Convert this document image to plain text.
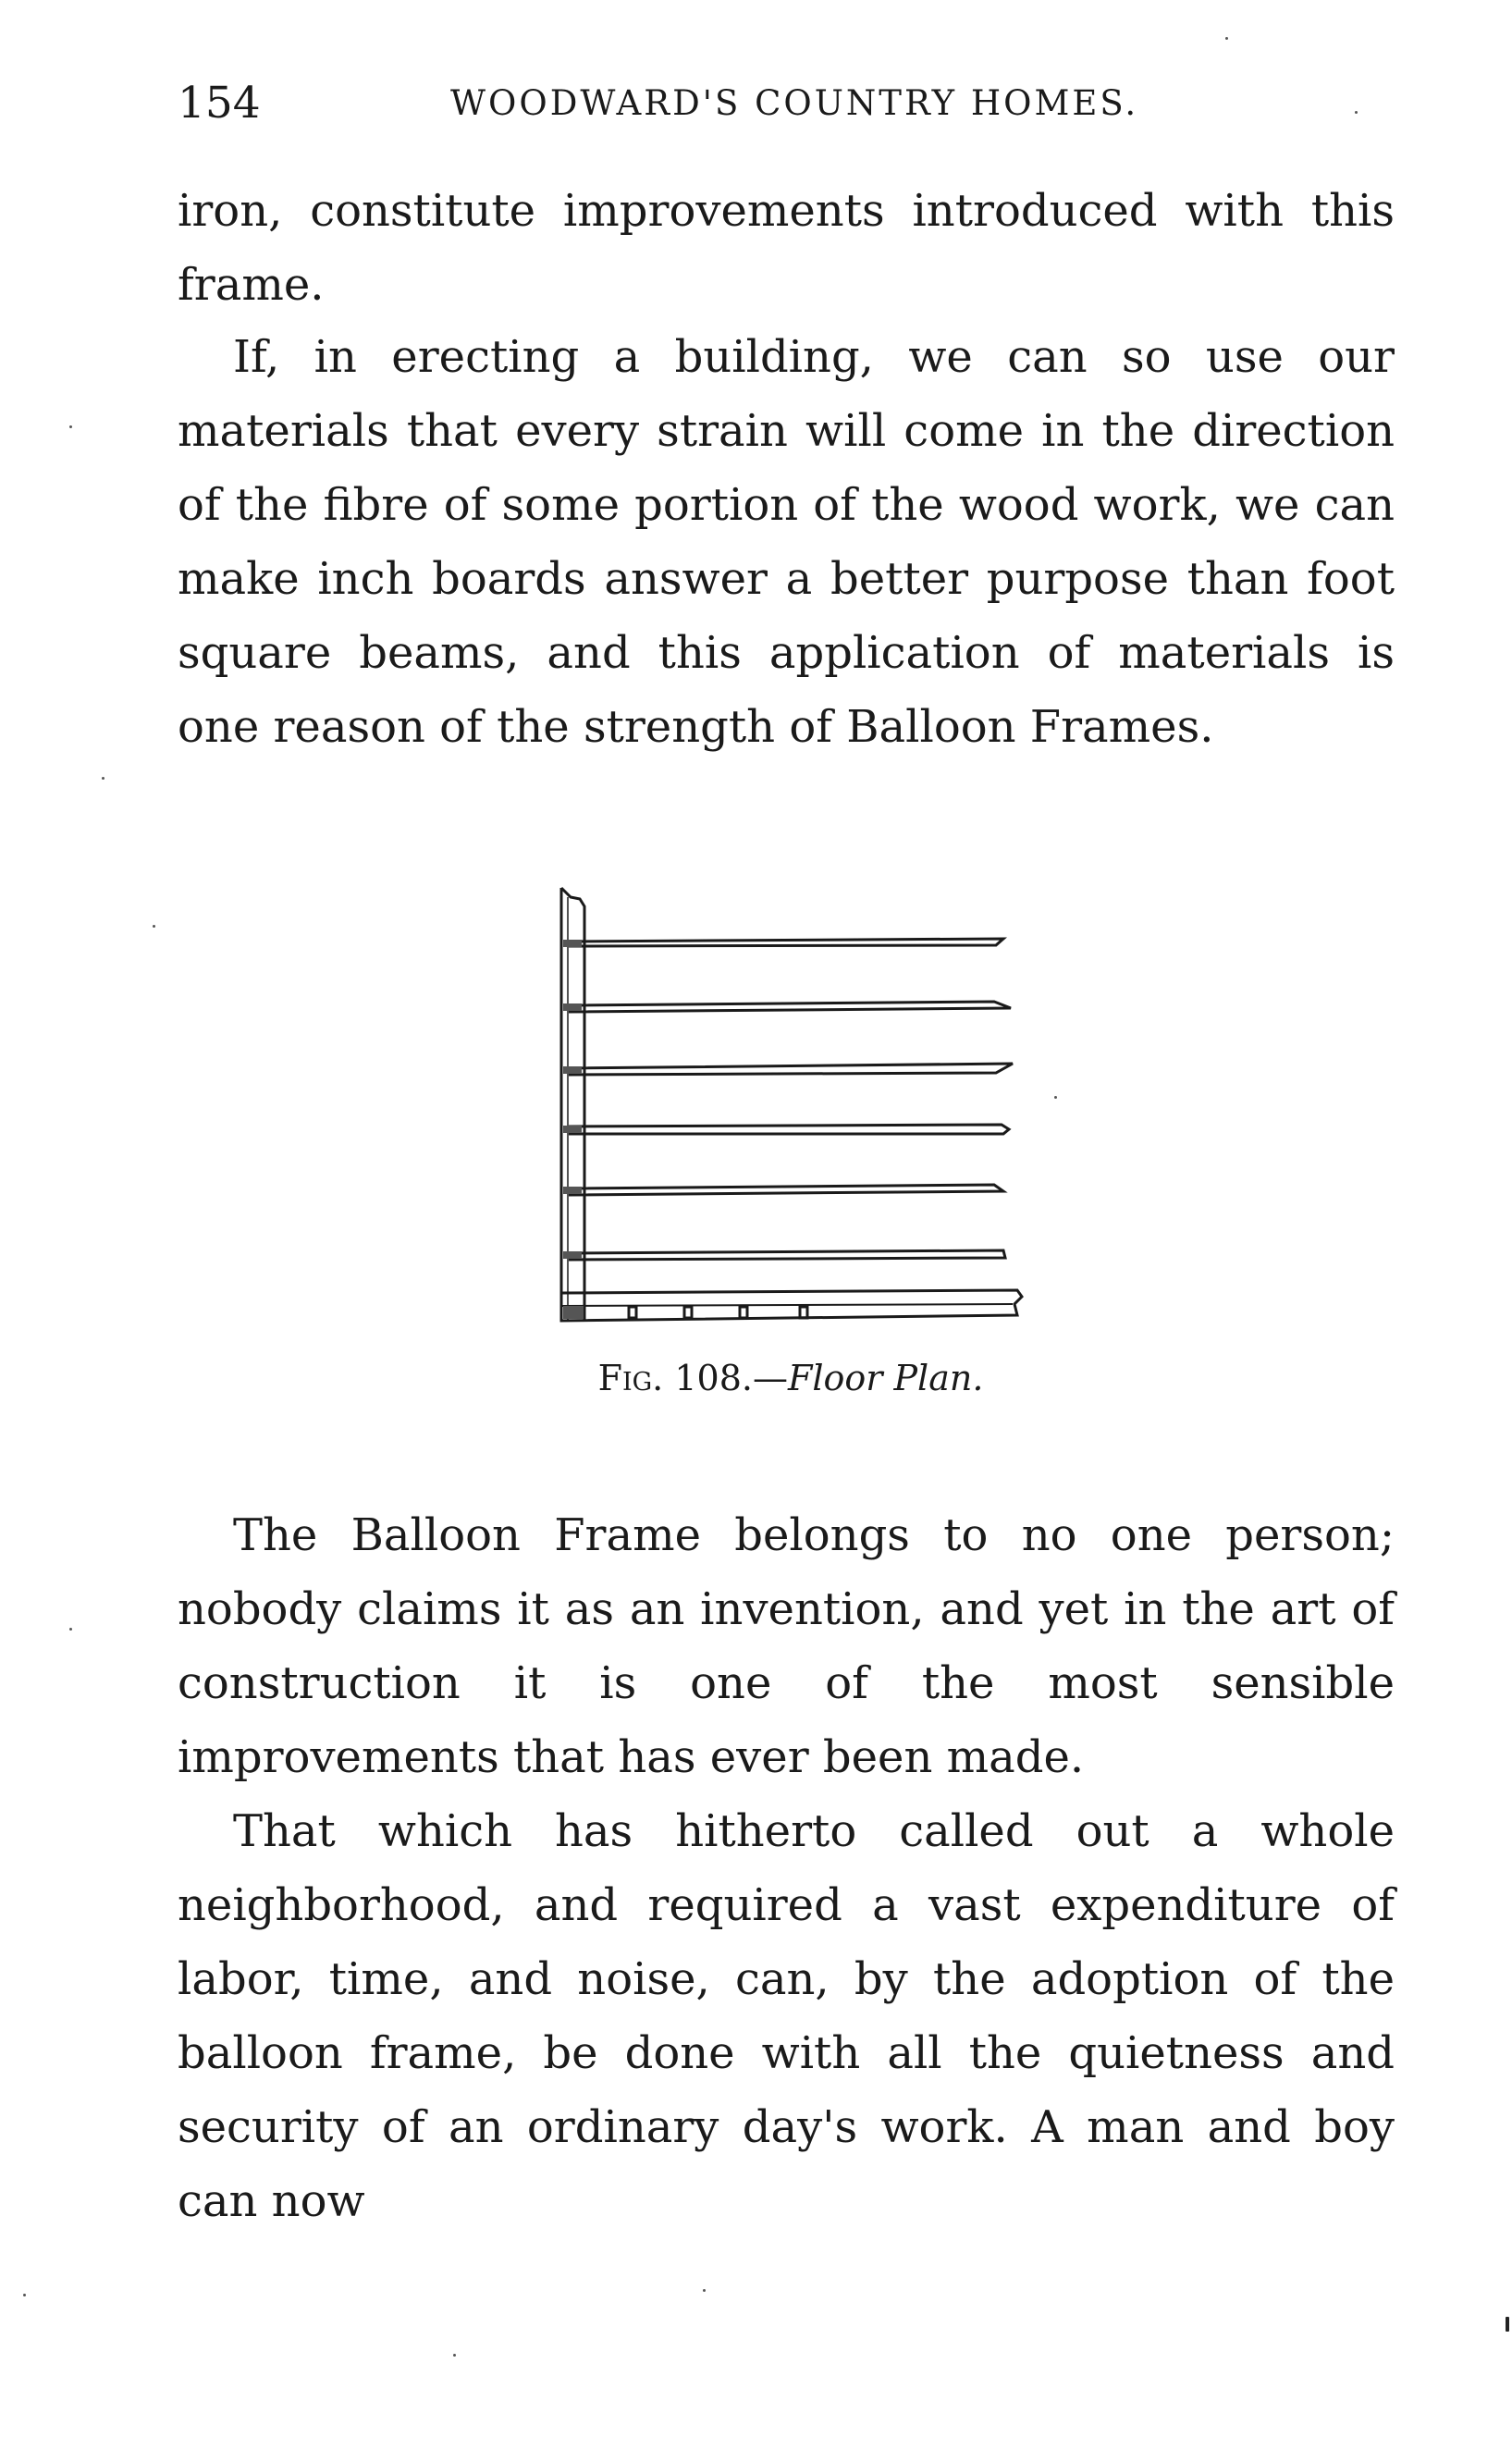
154	WOODWARD'S COUNTRY HOMES.

iron, constitute improvements introduced with this frame.

If, in erecting a building, we can so use our materials that every strain will come in the direction of the fibre of some portion of the wood work, we can make inch boards answer a better purpose than foot square beams, and this application of materials is one reason of the strength of Balloon Frames.

Fig. 108.—Floor Plan.

The Balloon Frame belongs to no one person; nobody claims it as an invention, and yet in the art of construction it is one of the most sensible improvements that has ever been made.

That which has hitherto called out a whole neighborhood, and required a vast expenditure of labor, time, and noise, can, by the adoption of the balloon frame, be done with all the quietness and security of an ordinary day's work. A man and boy can now
